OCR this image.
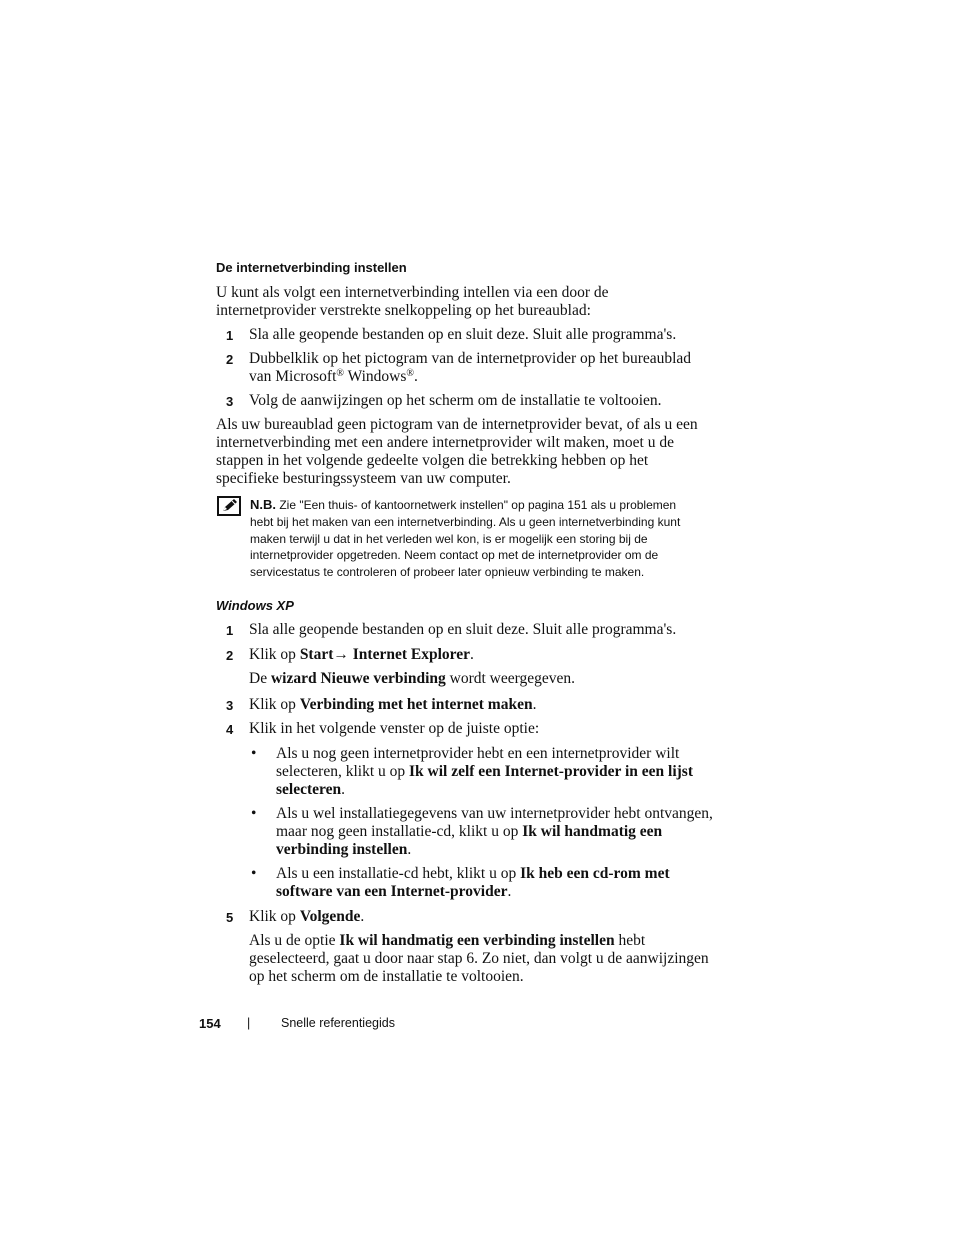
De internetverbinding instellen
U kunt als volgt een internetverbinding intellen via een door de
internetprovider verstrekte snelkoppeling op het bureaublad:
1 Sla alle geopende bestanden op en sluit deze. Sluit alle programma's.
2 Dubbelklik op het pictogram van de internetprovider op het bureaublad
van Microsoft® Windows®.
3 Volg de aanwijzingen op het scherm om de installatie te voltooien.
Als uw bureaublad geen pictogram van de internetprovider bevat, of als u een
internetverbinding met een andere internetprovider wilt maken, moet u de
stappen in het volgende gedeelte volgen die betrekking hebben op het
specifieke besturingssysteem van uw computer.
N.B. Zie "Een thuis- of kantoornetwerk instellen" op pagina 151 als u problemen
hebt bij het maken van een internetverbinding. Als u geen internetverbinding kunt
maken terwijl u dat in het verleden wel kon, is er mogelijk een storing bij de
internetprovider opgetreden. Neem contact op met de internetprovider om de
servicestatus te controleren of probeer later opnieuw verbinding te maken.
Windows XP
1 Sla alle geopende bestanden op en sluit deze. Sluit alle programma's.
2 Klik op Start→ Internet Explorer.
De wizard Nieuwe verbinding wordt weergegeven.
3 Klik op Verbinding met het internet maken.
4 Klik in het volgende venster op de juiste optie:
• Als u nog geen internetprovider hebt en een internetprovider wilt
selecteren, klikt u op Ik wil zelf een Internet-provider in een lijst
selecteren.
• Als u wel installatiegegevens van uw internetprovider hebt ontvangen,
maar nog geen installatie-cd, klikt u op Ik wil handmatig een
verbinding instellen.
• Als u een installatie-cd hebt, klikt u op Ik heb een cd-rom met
software van een Internet-provider.
5 Klik op Volgende.
Als u de optie Ik wil handmatig een verbinding instellen hebt
geselecteerd, gaat u door naar stap 6. Zo niet, dan volgt u de aanwijzingen
op het scherm om de installatie te voltooien.
154 | Snelle referentiegids
